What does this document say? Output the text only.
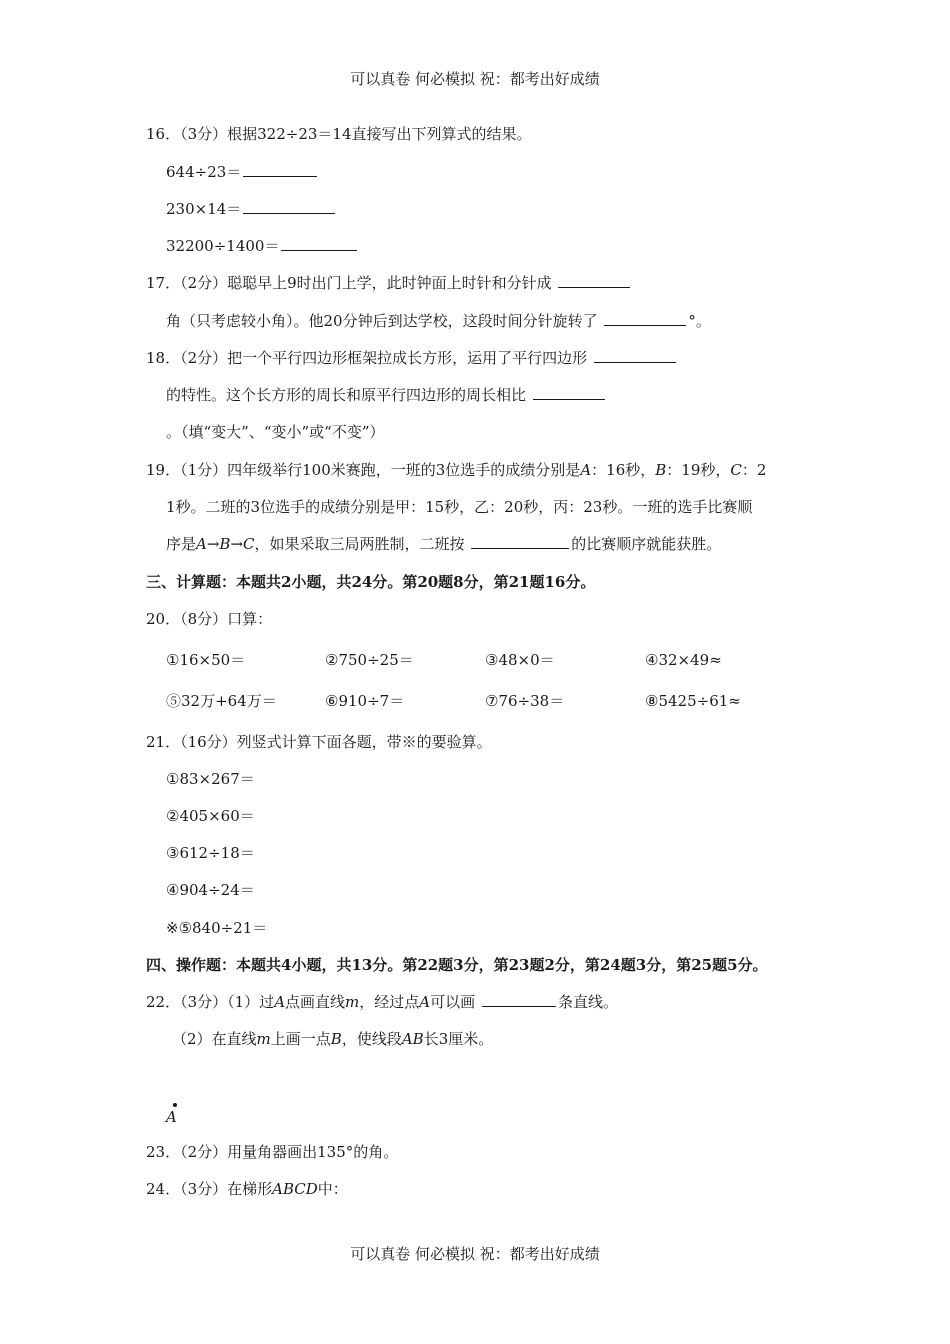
可以真卷 何必模拟 祝：都考出好成绩
16．（3分）根据322÷23＝14直接写出下列算式的结果。
644÷23＝
230×14＝
32200÷1400＝
17．（2分）聪聪早上9时出门上学，此时钟面上时针和分针成
角（只考虑较小角）。他20分钟后到达学校，这段时间分针旋转了	°。
18．（2分）把一个平行四边形框架拉成长方形，运用了平行四边形
的特性。这个长方形的周长和原平行四边形的周长相比
。（填“变大”、“变小”或“不变”）
19．（1分）四年级举行100米赛跑，一班的3位选手的成绩分别是A：16秒，B：19秒，C：2
1秒。二班的3位选手的成绩分别是甲：15秒，乙：20秒，丙：23秒。一班的选手比赛顺
序是A→B→C，如果采取三局两胜制，二班按	的比赛顺序就能获胜。
三、计算题：本题共2小题，共24分。第20题8分，第21题16分。
20．（8分）口算：
①16×50＝	②750÷25＝	③48×0＝	④32×49≈
⑤32万+64万＝	⑥910÷7＝	⑦76÷38＝	⑧5425÷61≈
21．（16分）列竖式计算下面各题，带※的要验算。
①83×267＝
②405×60＝
③612÷18＝
④904÷24＝
※⑤840÷21＝
四、操作题：本题共4小题，共13分。第22题3分，第23题2分，第24题3分，第25题5分。
22．（3分）（1）过A点画直线m，经过点A可以画	条直线。
（2）在直线m上画一点B，使线段AB长3厘米。
A
23．（2分）用量角器画出135°的角。
24．（3分）在梯形ABCD中：
可以真卷 何必模拟 祝：都考出好成绩
